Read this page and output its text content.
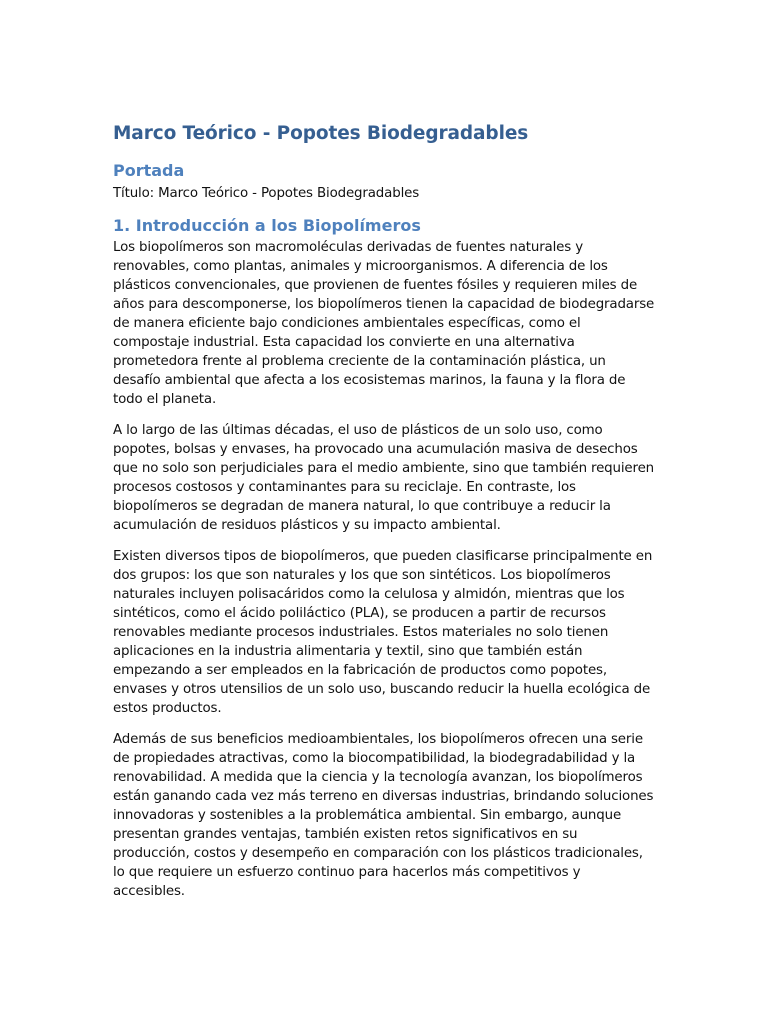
Marco Teórico - Popotes Biodegradables
Portada

Título: Marco Teórico - Popotes Biodegradables

1. Introducción a los Biopolímeros

Los biopolímeros son macromoléculas derivadas de fuentes naturales y renovables, como plantas, animales y microorganismos. A diferencia de los plásticos convencionales, que provienen de fuentes fósiles y requieren miles de años para descomponerse, los biopolímeros tienen la capacidad de biodegradarse de manera eficiente bajo condiciones ambientales específicas, como el compostaje industrial. Esta capacidad los convierte en una alternativa prometedora frente al problema creciente de la contaminación plástica, un desafío ambiental que afecta a los ecosistemas marinos, la fauna y la flora de todo el planeta.

A lo largo de las últimas décadas, el uso de plásticos de un solo uso, como popotes, bolsas y envases, ha provocado una acumulación masiva de desechos que no solo son perjudiciales para el medio ambiente, sino que también requieren procesos costosos y contaminantes para su reciclaje. En contraste, los biopolímeros se degradan de manera natural, lo que contribuye a reducir la acumulación de residuos plásticos y su impacto ambiental.

Existen diversos tipos de biopolímeros, que pueden clasificarse principalmente en dos grupos: los que son naturales y los que son sintéticos. Los biopolímeros naturales incluyen polisacáridos como la celulosa y almidón, mientras que los sintéticos, como el ácido poliláctico (PLA), se producen a partir de recursos renovables mediante procesos industriales. Estos materiales no solo tienen aplicaciones en la industria alimentaria y textil, sino que también están empezando a ser empleados en la fabricación de productos como popotes, envases y otros utensilios de un solo uso, buscando reducir la huella ecológica de estos productos.

Además de sus beneficios medioambientales, los biopolímeros ofrecen una serie de propiedades atractivas, como la biocompatibilidad, la biodegradabilidad y la renovabilidad. A medida que la ciencia y la tecnología avanzan, los biopolímeros están ganando cada vez más terreno en diversas industrias, brindando soluciones innovadoras y sostenibles a la problemática ambiental. Sin embargo, aunque presentan grandes ventajas, también existen retos significativos en su producción, costos y desempeño en comparación con los plásticos tradicionales, lo que requiere un esfuerzo continuo para hacerlos más competitivos y accesibles.
